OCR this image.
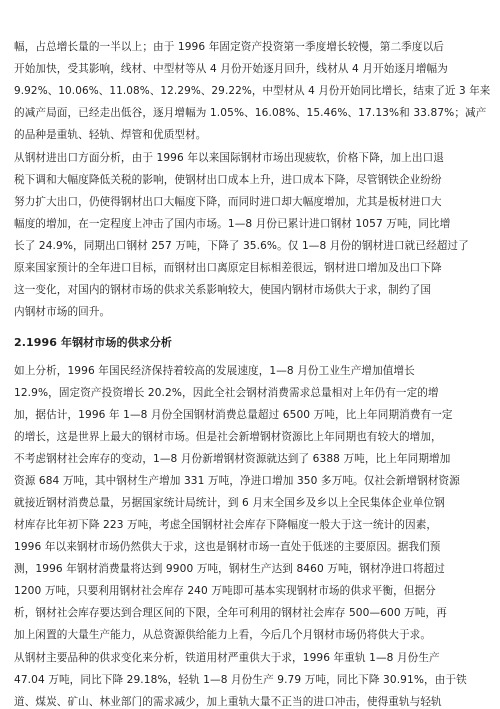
幅，占总增长量的一半以上；由于 1996 年固定资产投资第一季度增长较慢，第二季度以后
开始加快，受其影响，线材、中型材等从 4 月份开始逐月回升，线材从 4 月开始逐月增幅为
9.92%、10.06%、11.08%、12.29%、29.22%，中型材从 4 月份开始同比增长，结束了近 3 年来
的减产局面，已经走出低谷，逐月增幅为 1.05%、16.08%、15.46%、17.13%和 33.87%；减产
的品种是重轨、轻轨、焊管和优质型材。
从钢材进出口方面分析，由于 1996 年以来国际钢材市场出现疲软，价格下降，加上出口退
税下调和大幅度降低关税的影响，使钢材出口成本上升，进口成本下降，尽管钢铁企业纷纷
努力扩大出口，仍使得钢材出口大幅度下降，而同时进口却大幅度增加，尤其是板材进口大
幅度的增加，在一定程度上冲击了国内市场。1—8 月份已累计进口钢材 1057 万吨，同比增
长了 24.9%，同期出口钢材 257 万吨，下降了 35.6%。仅 1—8 月份的钢材进口就已经超过了
原来国家预计的全年进口目标，而钢材出口离原定目标相差很远，钢材进口增加及出口下降
这一变化，对国内的钢材市场的供求关系影响较大，使国内钢材市场供大于求，制约了国
内钢材市场的回升。
2.1996 年钢材市场的供求分析
如上分析，1996 年国民经济保持着较高的发展速度，1—8 月份工业生产增加值增长
12.9%，固定资产投资增长 20.2%，因此全社会钢材消费需求总量相对上年仍有一定的增
加，据估计，1996 年 1—8 月份全国钢材消费总量超过 6500 万吨，比上年同期消费有一定
的增长，这是世界上最大的钢材市场。但是社会新增钢材资源比上年同期也有较大的增加，
不考虑钢材社会库存的变动，1—8 月份新增钢材资源就达到了 6388 万吨，比上年同期增加
资源 684 万吨，其中钢材生产增加 331 万吨，净进口增加 350 多万吨。仅社会新增钢材资源
就接近钢材消费总量，另据国家统计局统计，到 6 月末全国乡及乡以上全民集体企业单位钢
材库存比年初下降 223 万吨，考虑全国钢材社会库存下降幅度一般大于这一统计的因素，
1996 年以来钢材市场仍然供大于求，这也是钢材市场一直处于低迷的主要原因。据我们预
测，1996 年钢材消费量将达到 9900 万吨，钢材生产达到 8460 万吨，钢材净进口将超过
1200 万吨，只要利用钢材社会库存 240 万吨即可基本实现钢材市场的供求平衡，但据分
析，钢材社会库存要达到合理区间的下限，全年可利用的钢材社会库存 500—600 万吨，再
加上闲置的大量生产能力，从总资源供给能力上看，今后几个月钢材市场仍将供大于求。
从钢材主要品种的供求变化来分析，铁道用材严重供大于求，1996 年重轨 1—8 月份生产
47.04 万吨，同比下降 29.18%，轻轨 1—8 月份生产 9.79 万吨，同比下降 30.91%，由于铁
道、煤炭、矿山、林业部门的需求减少，加上重轨大量不正当的进口冲击，使得重轨与轻轨
